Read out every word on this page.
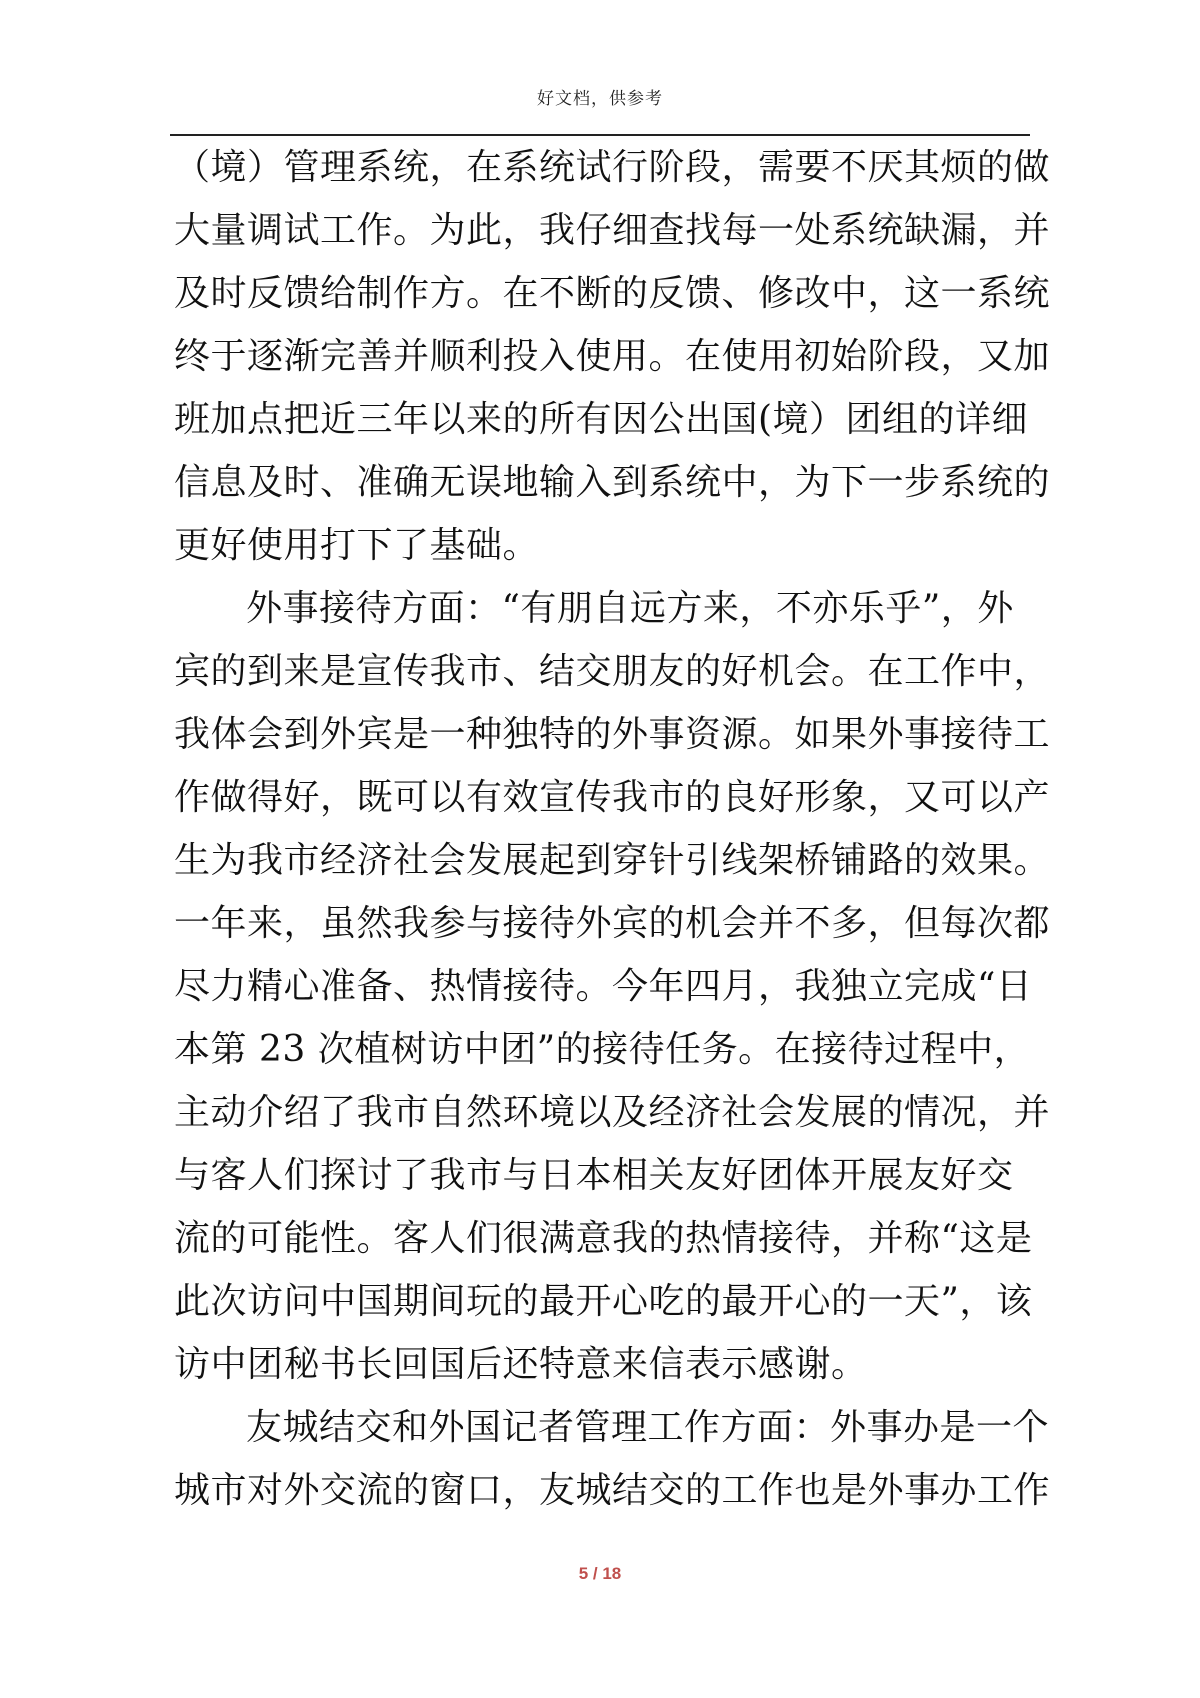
好文档，供参考
（境）管理系统，在系统试行阶段，需要不厌其烦的做
大量调试工作。为此，我仔细查找每一处系统缺漏，并
及时反馈给制作方。在不断的反馈、修改中，这一系统
终于逐渐完善并顺利投入使用。在使用初始阶段，又加
班加点把近三年以来的所有因公出国(境）团组的详细
信息及时、准确无误地输入到系统中，为下一步系统的
更好使用打下了基础。
外事接待方面：“有朋自远方来，不亦乐乎”，外
宾的到来是宣传我市、结交朋友的好机会。在工作中，
我体会到外宾是一种独特的外事资源。如果外事接待工
作做得好，既可以有效宣传我市的良好形象，又可以产
生为我市经济社会发展起到穿针引线架桥铺路的效果。
一年来，虽然我参与接待外宾的机会并不多，但每次都
尽力精心准备、热情接待。今年四月，我独立完成“日
本第 23 次植树访中团”的接待任务。在接待过程中，
主动介绍了我市自然环境以及经济社会发展的情况，并
与客人们探讨了我市与日本相关友好团体开展友好交
流的可能性。客人们很满意我的热情接待，并称“这是
此次访问中国期间玩的最开心吃的最开心的一天”，该
访中团秘书长回国后还特意来信表示感谢。
友城结交和外国记者管理工作方面：外事办是一个
城市对外交流的窗口，友城结交的工作也是外事办工作
5 / 18
